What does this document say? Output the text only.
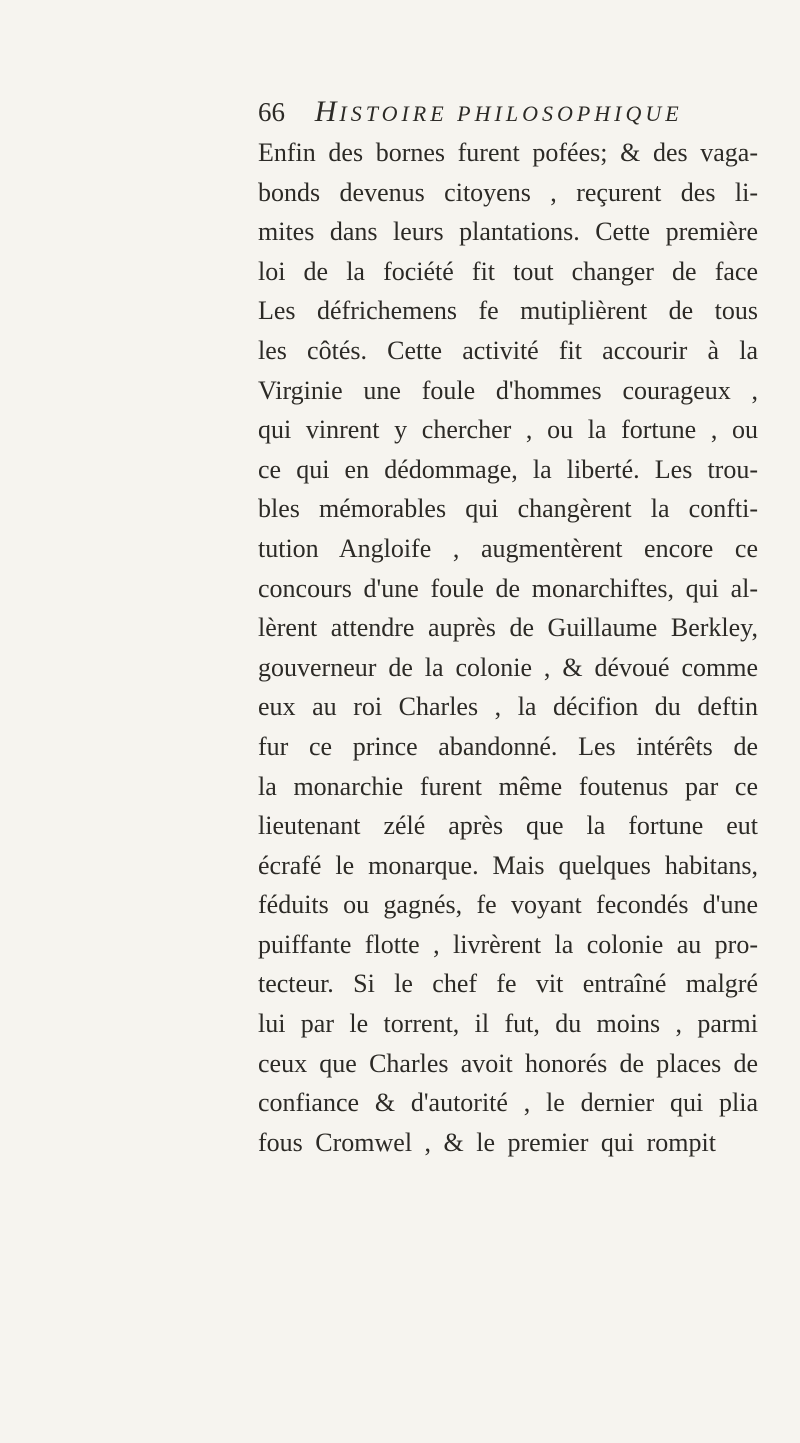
66 HISTOIRE PHILOSOPHIQUE
Enfin des bornes furent pofées; & des vaga-
bonds devenus citoyens , reçurent des li-
mites dans leurs plantations. Cette première
loi de la fociété fit tout changer de face
Les défrichemens fe mutiplièrent de tous
les côtés. Cette activité fit accourir à la
Virginie une foule d'hommes courageux ,
qui vinrent y chercher , ou la fortune , ou
ce qui en dédommage, la liberté. Les trou-
bles mémorables qui changèrent la confti-
tution Angloife , augmentèrent encore ce
concours d'une foule de monarchiftes, qui al-
lèrent attendre auprès de Guillaume Berkley,
gouverneur de la colonie , & dévoué comme
eux au roi Charles , la décifion du deftin
fur ce prince abandonné. Les intérêts de
la monarchie furent même foutenus par ce
lieutenant zélé après que la fortune eut
écrafé le monarque. Mais quelques habitans,
féduits ou gagnés, fe voyant fecondés d'une
puiffante flotte , livrèrent la colonie au pro-
tecteur. Si le chef fe vit entraîné malgré
lui par le torrent, il fut, du moins , parmi
ceux que Charles avoit honorés de places de
confiance & d'autorité , le dernier qui plia
fous Cromwel , & le premier qui rompit
